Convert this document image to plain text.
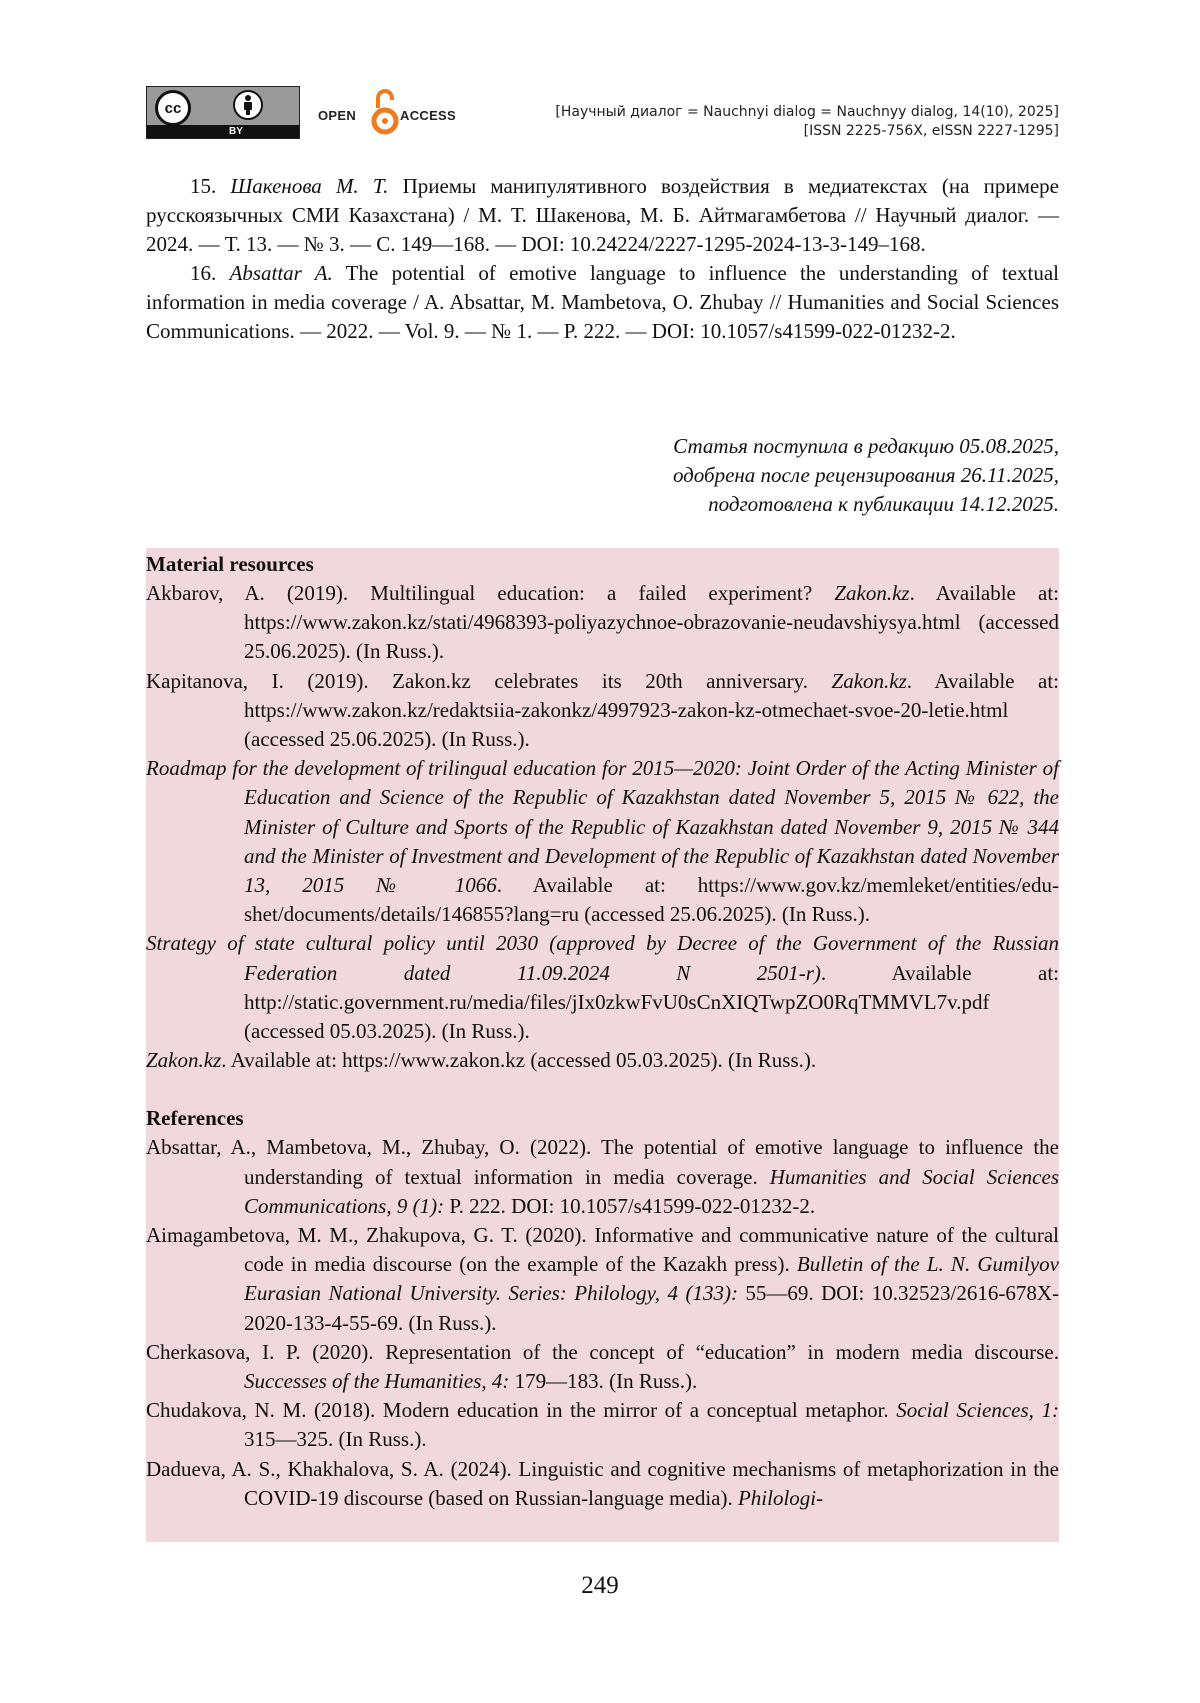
cc
BY
OPEN	ACCESS	[Научный диалог = Nauchnyi dialog = Nauchnyy dialog, 14(10), 2025]
[ISSN 2225-756X, eISSN 2227-1295]

15. Шакенова М. Т. Приемы манипулятивного воздействия в медиатекстах (на примере русскоязычных СМИ Казахстана) / М. Т. Шакенова, М. Б. Айтмагамбетова // Научный диалог. — 2024. — Т. 13. — № 3. — С. 149—168. — DOI: 10.24224/2227-1295-2024-13-3-149–168.

16. Absattar A. The potential of emotive language to influence the understanding of textual information in media coverage / A. Absattar, M. Mambetova, O. Zhubay // Humanities and Social Sciences Communications. — 2022. — Vol. 9. — № 1. — P. 222. — DOI: 10.1057/s41599-022-01232-2.

Статья поступила в редакцию 05.08.2025,
одобрена после рецензирования 26.11.2025,
подготовлена к публикации 14.12.2025.

Material resources

Akbarov, A. (2019). Multilingual education: a failed experiment? Zakon.kz. Available at: https://www.zakon.kz/stati/4968393-poliyazychnoe-obrazovanie-neudavshiysya.html (accessed 25.06.2025). (In Russ.).

Kapitanova, I. (2019). Zakon.kz celebrates its 20th anniversary. Zakon.kz. Available at: https://www.zakon.kz/redaktsiia-zakonkz/4997923-zakon-kz-otmechaet-svoe-20-letie.html (accessed 25.06.2025). (In Russ.).

Roadmap for the development of trilingual education for 2015—2020: Joint Order of the Acting Minister of Education and Science of the Republic of Kazakhstan dated November 5, 2015 № 622, the Minister of Culture and Sports of the Republic of Kazakhstan dated November 9, 2015 № 344 and the Minister of Investment and Development of the Republic of Kazakhstan dated November 13, 2015 № 1066. Available at: https://www.gov.kz/memleket/entities/edu-shet/documents/details/146855?lang=ru (accessed 25.06.2025). (In Russ.).

Strategy of state cultural policy until 2030 (approved by Decree of the Government of the Russian Federation dated 11.09.2024 N 2501-r). Available at: http://static.government.ru/media/files/jIx0zkwFvU0sCnXIQTwpZO0RqTMMVL7v.pdf (accessed 05.03.2025). (In Russ.).

Zakon.kz. Available at: https://www.zakon.kz (accessed 05.03.2025). (In Russ.).

References

Absattar, A., Mambetova, M., Zhubay, O. (2022). The potential of emotive language to influence the understanding of textual information in media coverage. Humanities and Social Sciences Communications, 9 (1): P. 222. DOI: 10.1057/s41599-022-01232-2.

Aimagambetova, M. M., Zhakupova, G. T. (2020). Informative and communicative nature of the cultural code in media discourse (on the example of the Kazakh press). Bulletin of the L. N. Gumilyov Eurasian National University. Series: Philology, 4 (133): 55—69. DOI: 10.32523/2616-678X-2020-133-4-55-69. (In Russ.).

Cherkasova, I. P. (2020). Representation of the concept of “education” in modern media discourse. Successes of the Humanities, 4: 179—183. (In Russ.).

Chudakova, N. M. (2018). Modern education in the mirror of a conceptual metaphor. Social Sciences, 1: 315—325. (In Russ.).

Dadueva, A. S., Khakhalova, S. A. (2024). Linguistic and cognitive mechanisms of metaphorization in the COVID-19 discourse (based on Russian-language media). Philologi-

249
